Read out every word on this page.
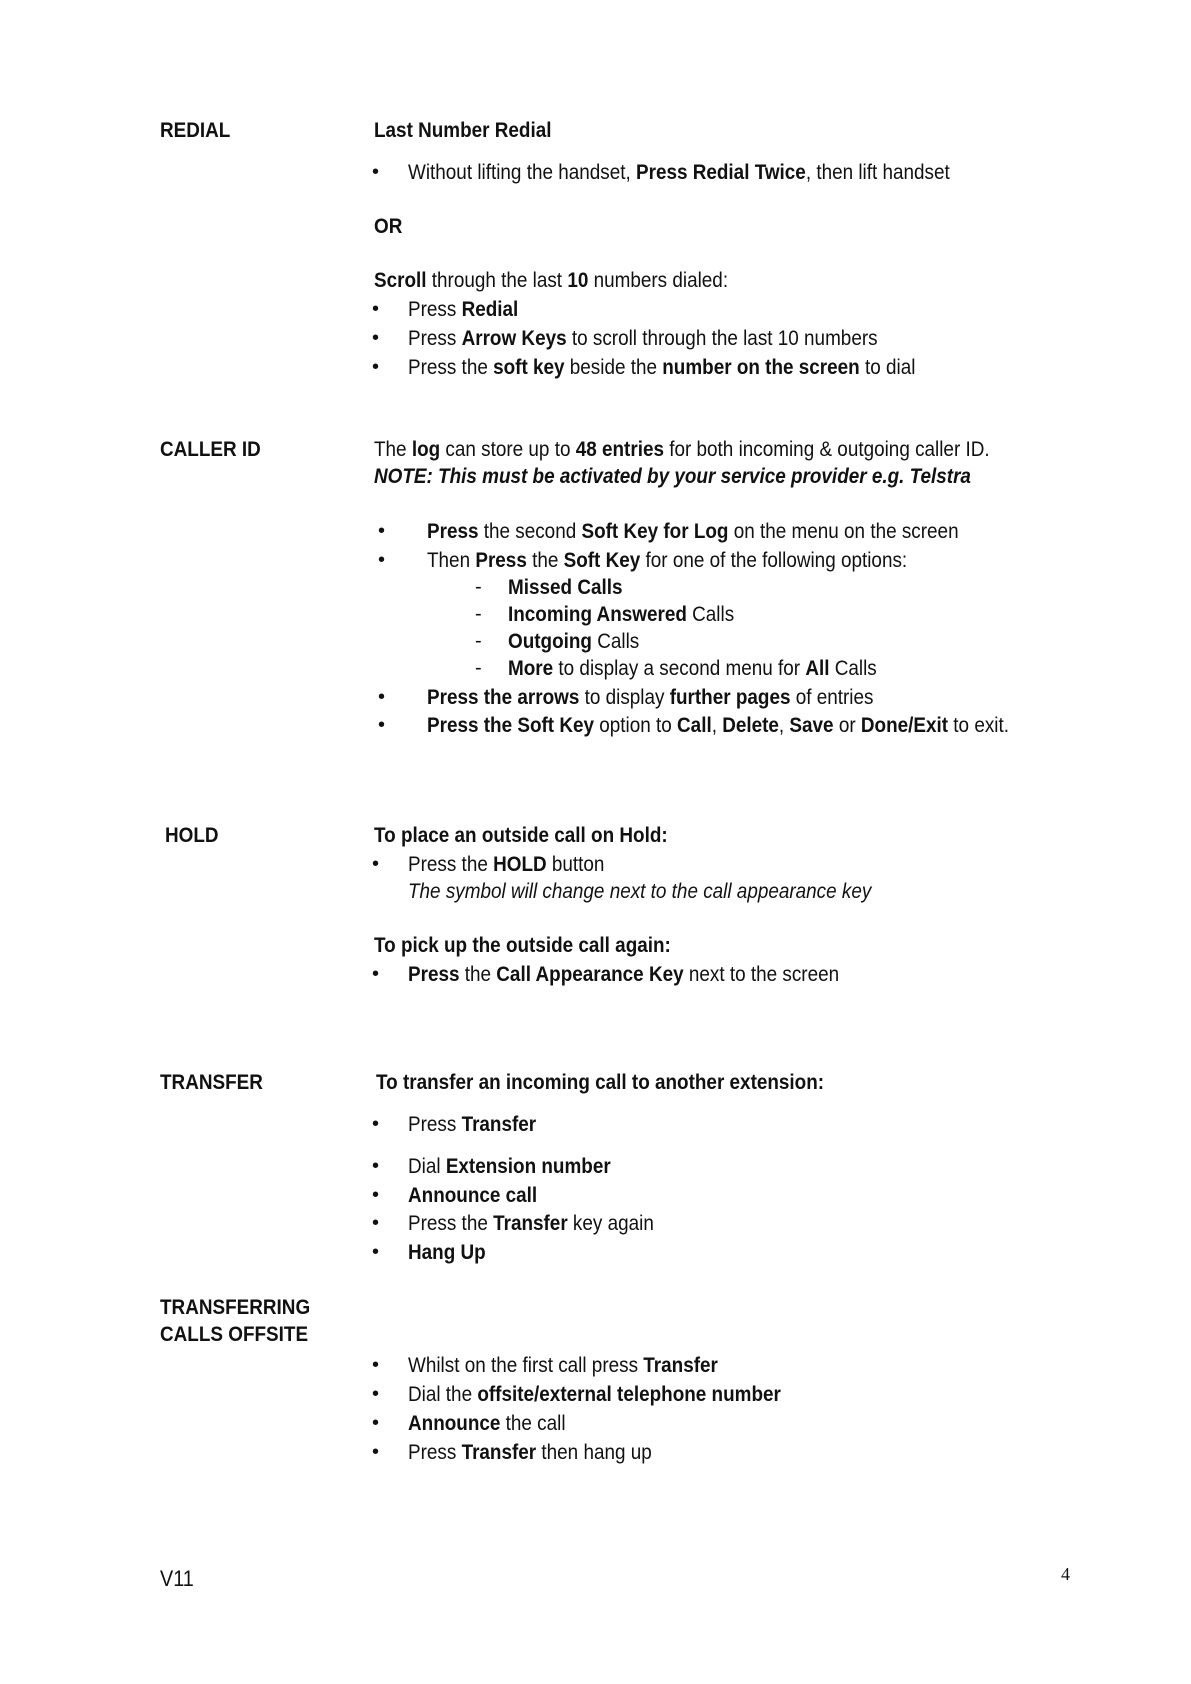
REDIAL	Last Number Redial
• Without lifting the handset, Press Redial Twice, then lift handset
OR
Scroll through the last 10 numbers dialed:
• Press Redial
• Press Arrow Keys to scroll through the last 10 numbers
• Press the soft key beside the number on the screen to dial
CALLER ID	The log can store up to 48 entries for both incoming & outgoing caller ID.
NOTE: This must be activated by your service provider e.g. Telstra
• Press the second Soft Key for Log on the menu on the screen
• Then Press the Soft Key for one of the following options:
- Missed Calls
- Incoming Answered Calls
- Outgoing Calls
- More to display a second menu for All Calls
• Press the arrows to display further pages of entries
• Press the Soft Key option to Call, Delete, Save or Done/Exit to exit.
HOLD	To place an outside call on Hold:
• Press the HOLD button
The symbol will change next to the call appearance key
To pick up the outside call again:
• Press the Call Appearance Key next to the screen
TRANSFER	To transfer an incoming call to another extension:
• Press Transfer
• Dial Extension number
• Announce call
• Press the Transfer key again
• Hang Up
TRANSFERRING
CALLS OFFSITE
• Whilst on the first call press Transfer
• Dial the offsite/external telephone number
• Announce the call
• Press Transfer then hang up
V11	4
